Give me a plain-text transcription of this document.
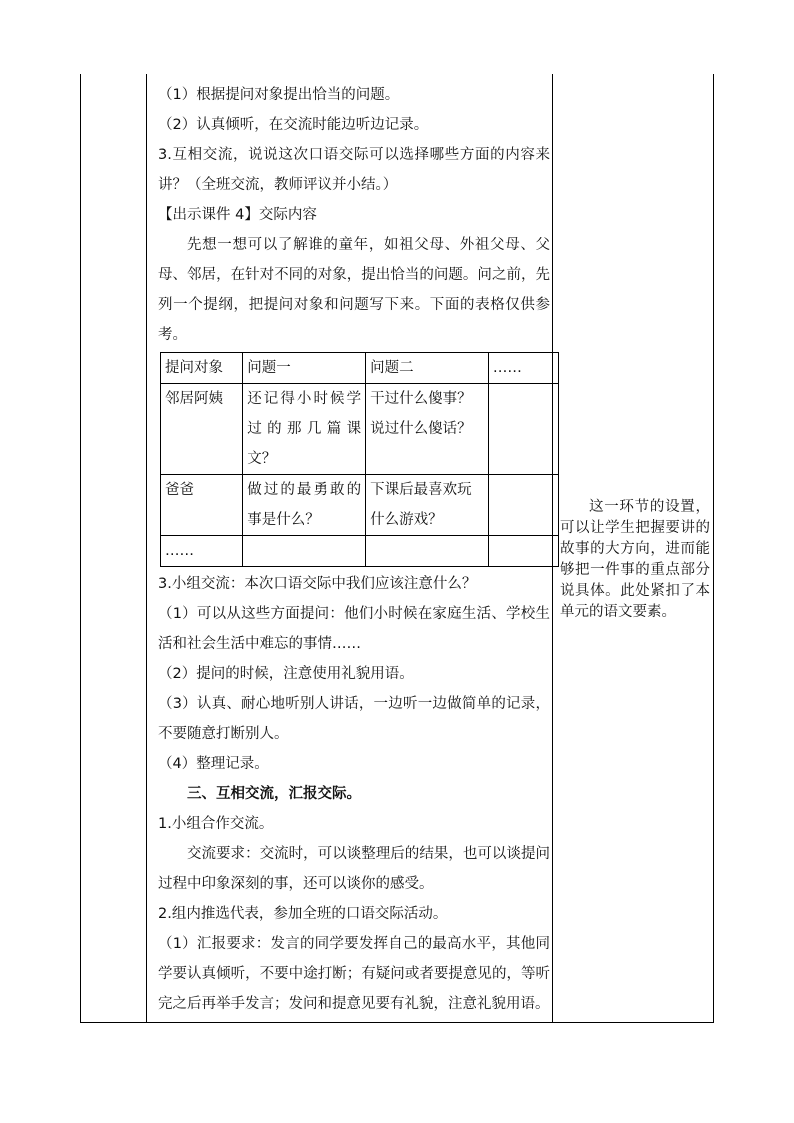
（1）根据提问对象提出恰当的问题。

（2）认真倾听，在交流时能边听边记录。

3.互相交流，说说这次口语交际可以选择哪些方面的内容来讲？（全班交流，教师评议并小结。）

【出示课件 4】交际内容

先想一想可以了解谁的童年，如祖父母、外祖父母、父母、邻居，在针对不同的对象，提出恰当的问题。问之前，先列一个提纲，把提问对象和问题写下来。下面的表格仅供参考。

提问对象	问题一	问题二	……
邻居阿姨	还记得小时候学过的那几篇课文？	干过什么傻事？说过什么傻话？	
爸爸	做过的最勇敢的事是什么？	下课后最喜欢玩什么游戏？	
……			

3.小组交流：本次口语交际中我们应该注意什么？

（1）可以从这些方面提问：他们小时候在家庭生活、学校生活和社会生活中难忘的事情……

（2）提问的时候，注意使用礼貌用语。

（3）认真、耐心地听别人讲话，一边听一边做简单的记录，不要随意打断别人。

（4）整理记录。

三、互相交流，汇报交际。

1.小组合作交流。

交流要求：交流时，可以谈整理后的结果，也可以谈提问过程中印象深刻的事，还可以谈你的感受。

2.组内推选代表，参加全班的口语交际活动。

（1）汇报要求：发言的同学要发挥自己的最高水平，其他同学要认真倾听，不要中途打断；有疑问或者要提意见的，等听完之后再举手发言；发问和提意见要有礼貌，注意礼貌用语。

这一环节的设置，可以让学生把握要讲的故事的大方向，进而能够把一件事的重点部分说具体。此处紧扣了本单元的语文要素。
